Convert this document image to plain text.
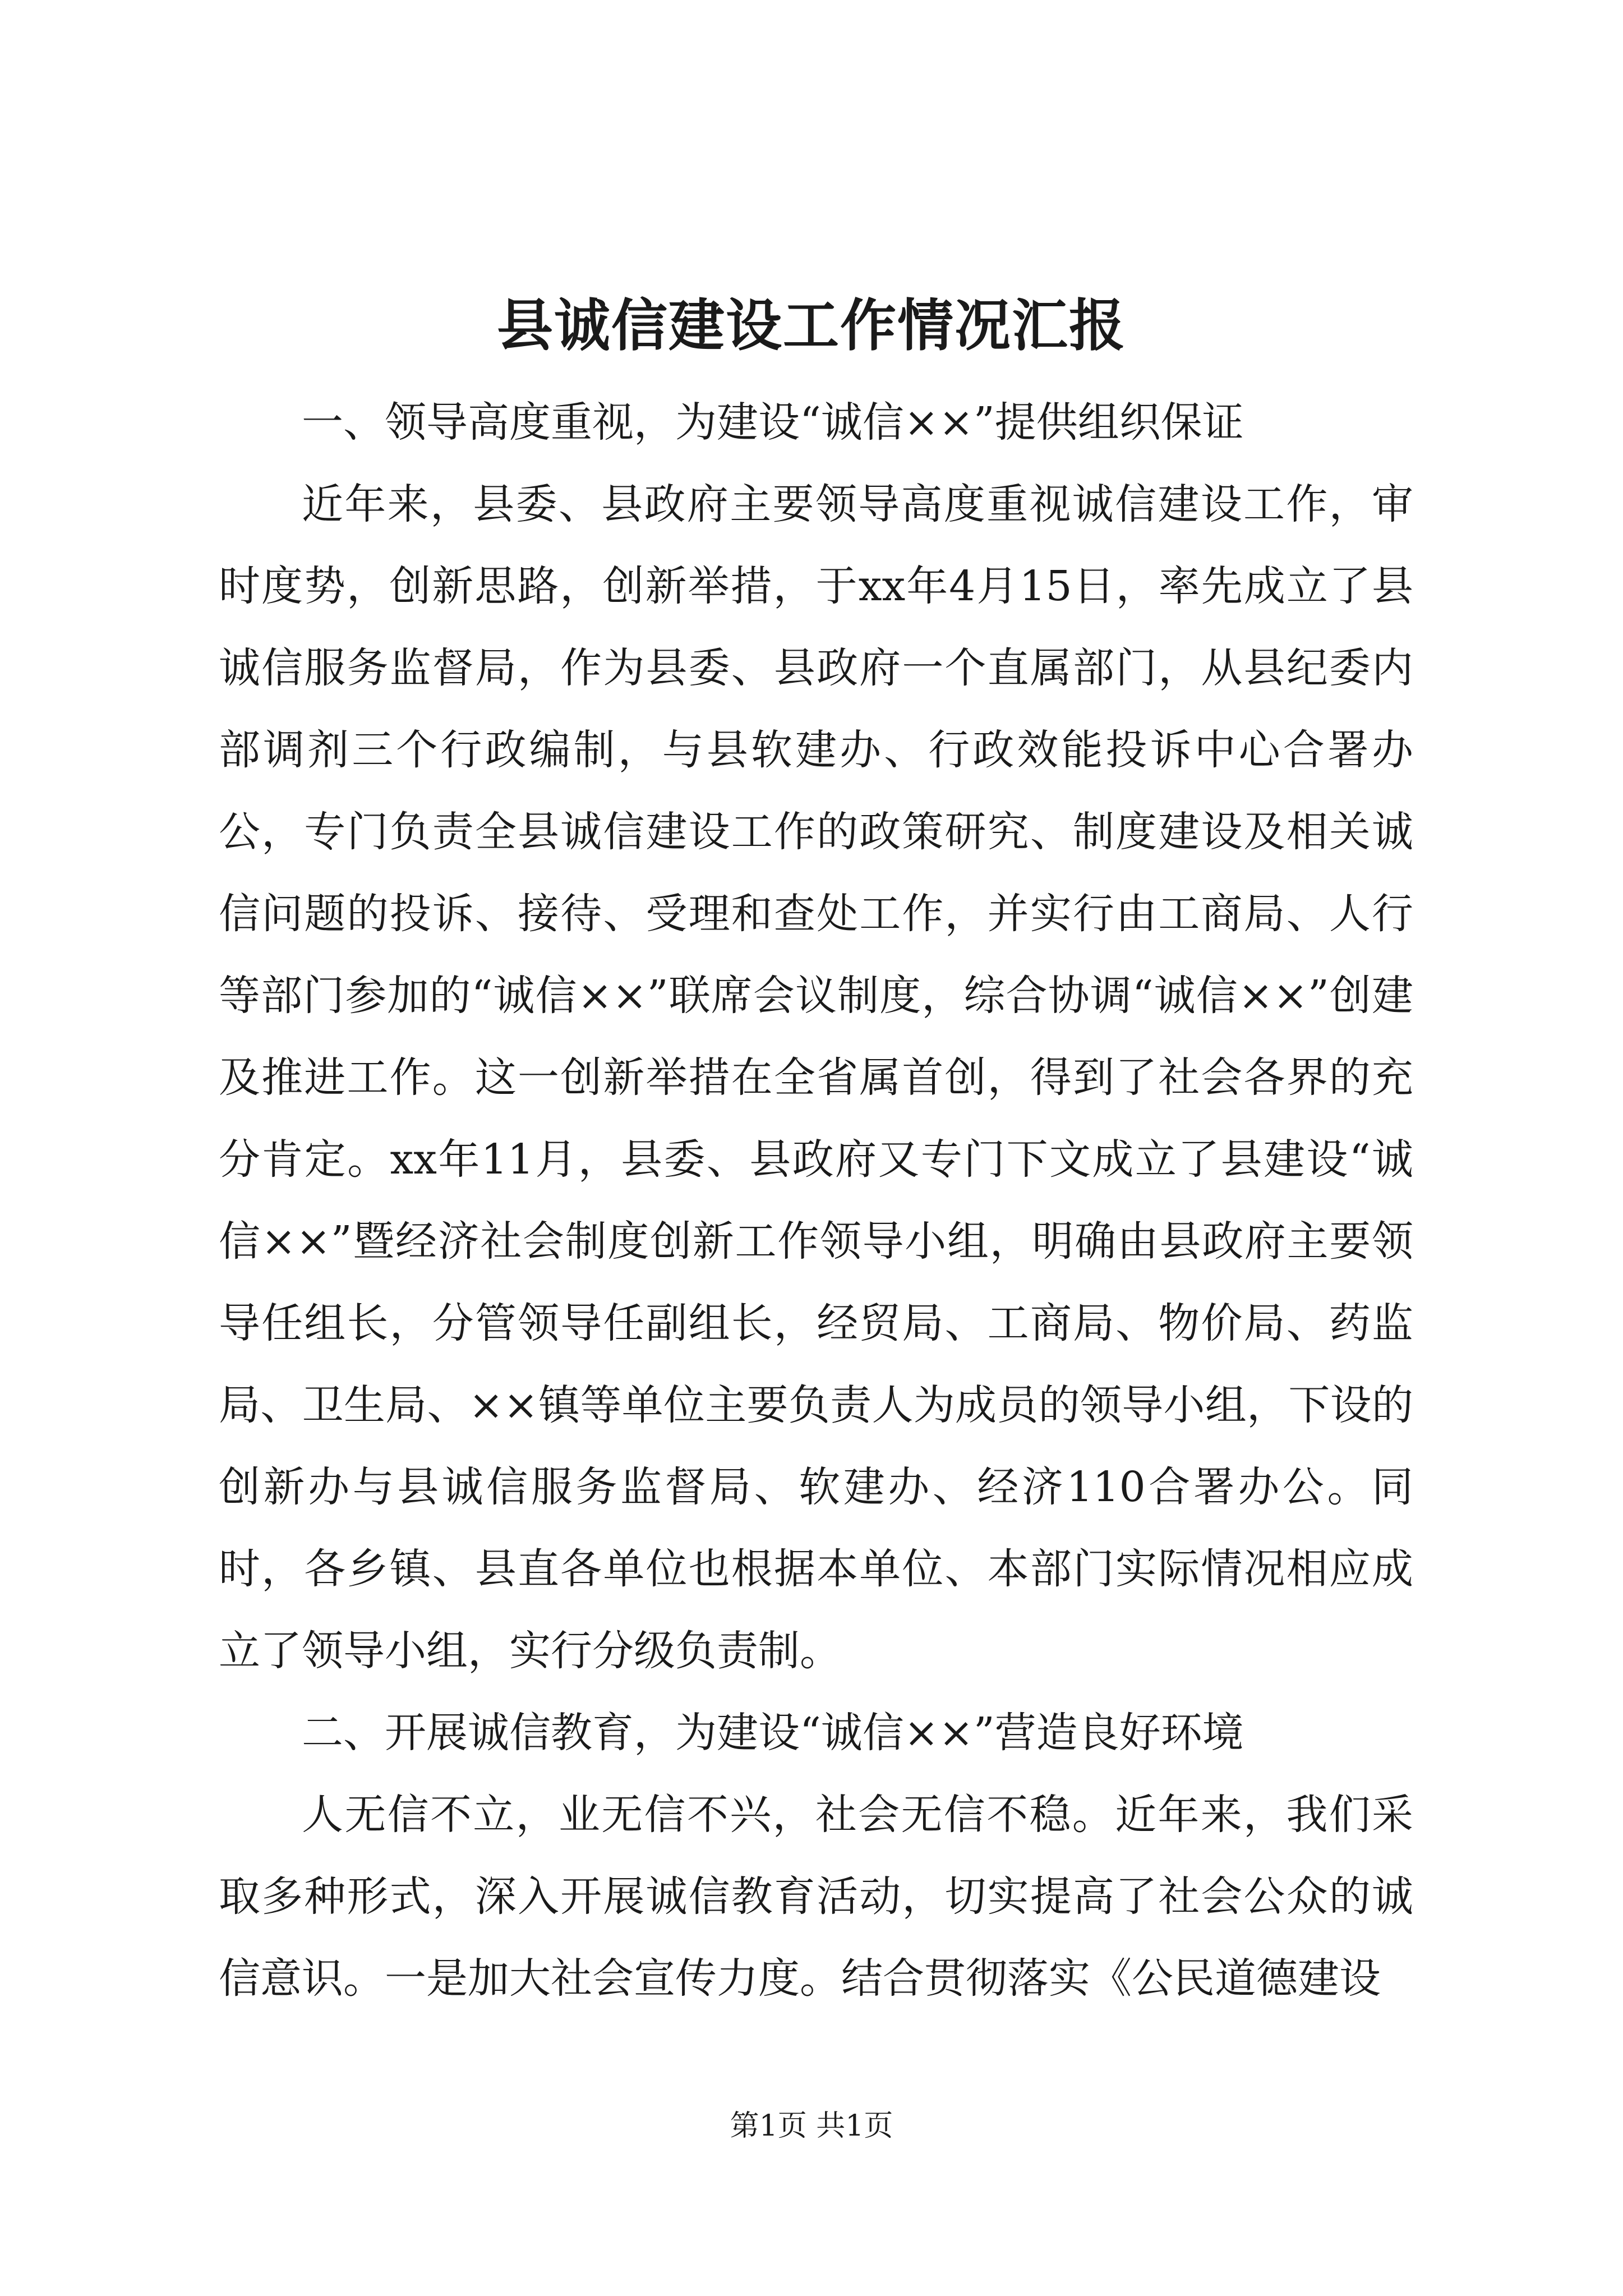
县诚信建设工作情况汇报

一、领导高度重视，为建设“诚信××”提供组织保证

近年来，县委、县政府主要领导高度重视诚信建设工作，审时度势，创新思路，创新举措，于xx年4月15日，率先成立了县诚信服务监督局，作为县委、县政府一个直属部门，从县纪委内部调剂三个行政编制，与县软建办、行政效能投诉中心合署办公，专门负责全县诚信建设工作的政策研究、制度建设及相关诚信问题的投诉、接待、受理和查处工作，并实行由工商局、人行等部门参加的“诚信××”联席会议制度，综合协调“诚信××”创建及推进工作。这一创新举措在全省属首创，得到了社会各界的充分肯定。xx年11月，县委、县政府又专门下文成立了县建设“诚信××”暨经济社会制度创新工作领导小组，明确由县政府主要领导任组长，分管领导任副组长，经贸局、工商局、物价局、药监局、卫生局、××镇等单位主要负责人为成员的领导小组，下设的创新办与县诚信服务监督局、软建办、经济110合署办公。同时，各乡镇、县直各单位也根据本单位、本部门实际情况相应成立了领导小组，实行分级负责制。

二、开展诚信教育，为建设“诚信××”营造良好环境

人无信不立，业无信不兴，社会无信不稳。近年来，我们采取多种形式，深入开展诚信教育活动，切实提高了社会公众的诚信意识。一是加大社会宣传力度。结合贯彻落实《公民道德建设

第1页 共1页
